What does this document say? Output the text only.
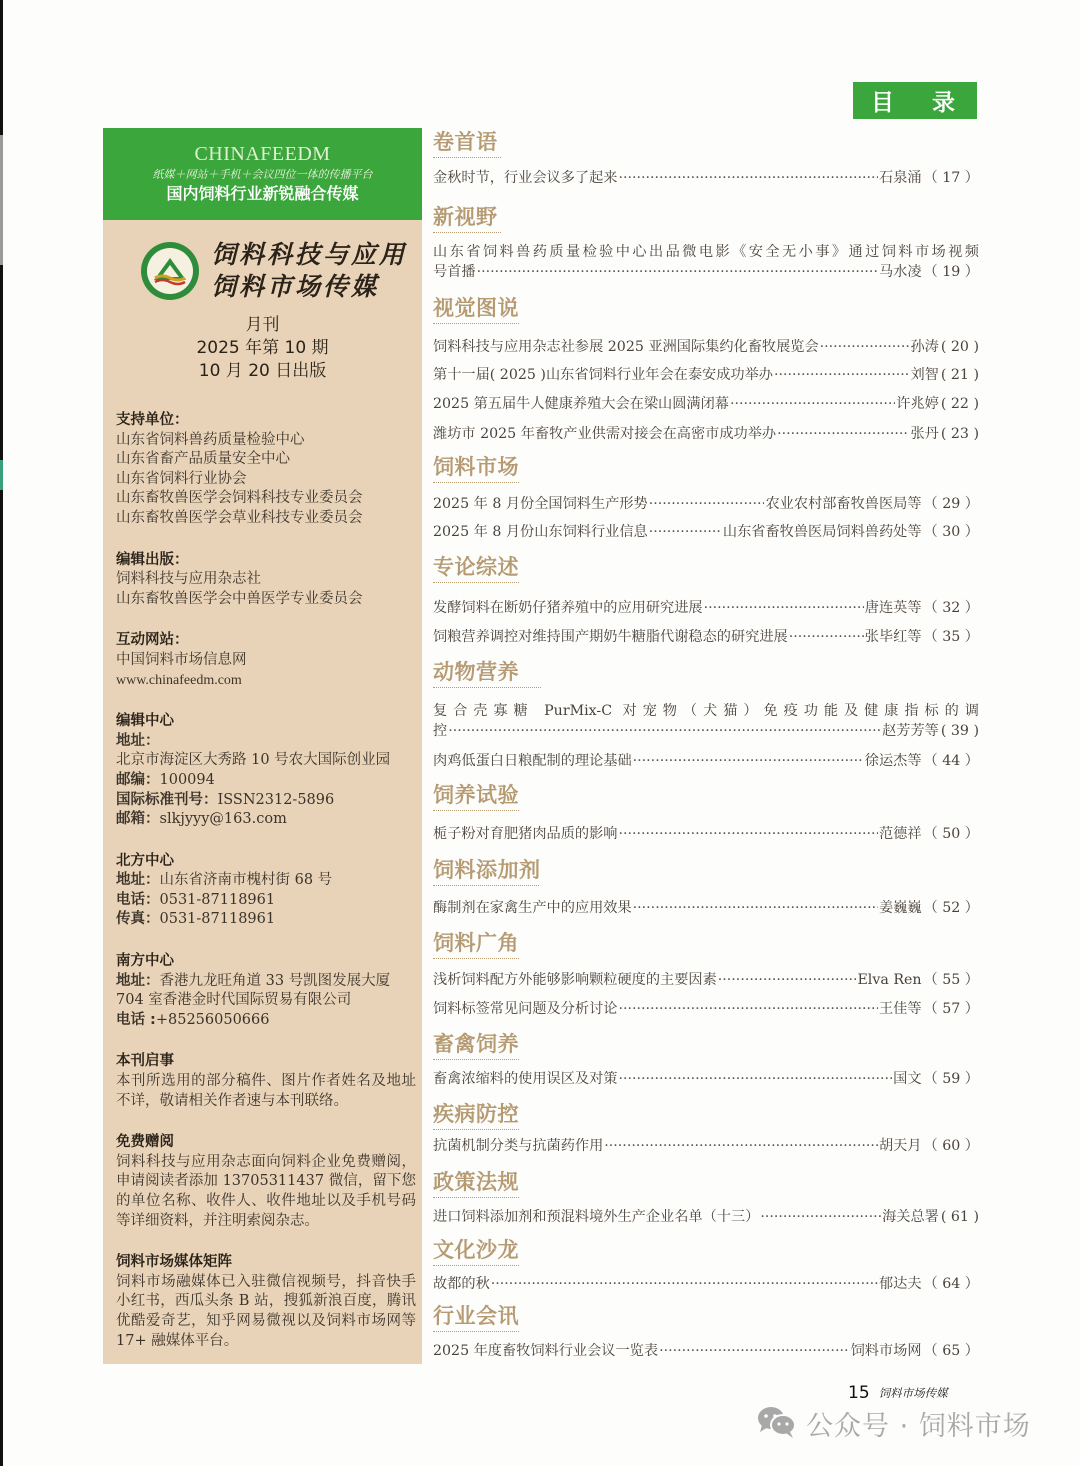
目 录
CHINAFEEDM
纸媒＋网站＋手机＋会议四位一体的传播平台
国内饲料行业新锐融合传媒
饲料科技与应用
饲料市场传媒
月刊
2025 年第 10 期
10 月 20 日出版
支持单位：
山东省饲料兽药质量检验中心
山东省畜产品质量安全中心
山东省饲料行业协会
山东畜牧兽医学会饲料科技专业委员会
山东畜牧兽医学会草业科技专业委员会
编辑出版：
饲料科技与应用杂志社
山东畜牧兽医学会中兽医学专业委员会
互动网站：
中国饲料市场信息网
www.chinafeedm.com
编辑中心
地址：
北京市海淀区大秀路 10 号农大国际创业园
邮编：100094
国际标准刊号：ISSN2312-5896
邮箱：slkjyyy@163.com
北方中心
地址：山东省济南市槐村街 68 号
电话：0531-87118961
传真：0531-87118961
南方中心
地址：香港九龙旺角道 33 号凯图发展大厦
704 室香港金时代国际贸易有限公司
电话 :+85256050666
本刊启事
本刊所选用的部分稿件、图片作者姓名及地址不详，敬请相关作者速与本刊联络。
免费赠阅
饲料科技与应用杂志面向饲料企业免费赠阅，申请阅读者添加 13705311437 微信，留下您的单位名称、收件人、收件地址以及手机号码等详细资料，并注明索阅杂志。
饲料市场媒体矩阵
饲料市场融媒体已入驻微信视频号，抖音快手小红书，西瓜头条 B 站，搜狐新浪百度，腾讯优酷爱奇艺，知乎网易微视以及饲料市场网等 17+ 融媒体平台。
卷首语
金秋时节，行业会议多了起来 ·····	石泉涌 （ 17 ）
新视野
山东省饲料兽药质量检验中心出品微电影《安全无小事》通过饲料市场视频
号首播 ·····	马水凌 （ 19 ）
视觉图说
饲料科技与应用杂志社参展 2025 亚洲国际集约化畜牧展览会 ·····	孙涛 ( 20 )
第十一届( 2025 )山东省饲料行业年会在泰安成功举办 ·····	刘智 ( 21 )
2025 第五届牛人健康养殖大会在梁山圆满闭幕 ·····	许兆婷 ( 22 )
潍坊市 2025 年畜牧产业供需对接会在高密市成功举办 ·····	张丹 ( 23 )
饲料市场
2025 年 8 月份全国饲料生产形势 ·····	农业农村部畜牧兽医局等 （ 29 ）
2025 年 8 月份山东饲料行业信息 ·····	山东省畜牧兽医局饲料兽药处等 （ 30 ）
专论综述
发酵饲料在断奶仔猪养殖中的应用研究进展 ·····	唐连英等 （ 32 ）
饲粮营养调控对维持围产期奶牛糖脂代谢稳态的研究进展 ·····	张毕红等 （ 35 ）
动物营养
复合壳寡糖 PurMix-C 对宠物（犬猫）免疫功能及健康指标的调
控 ·····	赵芳芳等 ( 39 )
肉鸡低蛋白日粮配制的理论基础 ·····	徐运杰等 （ 44 ）
饲养试验
栀子粉对育肥猪肉品质的影响 ·····	范德祥 （ 50 ）
饲料添加剂
酶制剂在家禽生产中的应用效果 ·····	姜巍巍 （ 52 ）
饲料广角
浅析饲料配方外能够影响颗粒硬度的主要因素 ·····	Elva Ren （ 55 ）
饲料标签常见问题及分析讨论 ·····	王佳等 （ 57 ）
畜禽饲养
畜禽浓缩料的使用误区及对策 ·····	国文 （ 59 ）
疾病防控
抗菌机制分类与抗菌药作用 ·····	胡天月 （ 60 ）
政策法规
进口饲料添加剂和预混料境外生产企业名单（十三） ·····	海关总署 ( 61 )
文化沙龙
故都的秋 ·····	郁达夫 （ 64 ）
行业会讯
2025 年度畜牧饲料行业会议一览表 ·····	饲料市场网 （ 65 ）
15 饲料市场传媒
公众号 · 饲料市场
